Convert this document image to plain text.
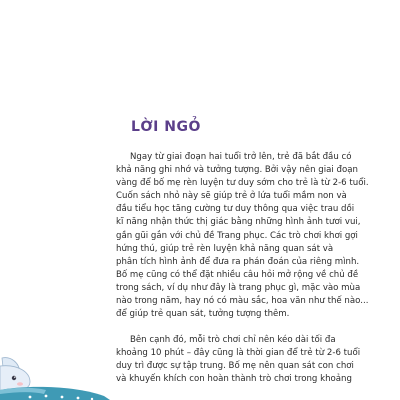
LỜI NGỎ
Ngay từ giai đoạn hai tuổi trở lên, trẻ đã bắt đầu có
khả năng ghi nhớ và tưởng tượng. Bởi vậy nên giai đoạn
vàng để bố mẹ rèn luyện tư duy sớm cho trẻ là từ 2-6 tuổi.
Cuốn sách nhỏ này sẽ giúp trẻ ở lứa tuổi mầm non và
đầu tiểu học tăng cường tư duy thông qua việc trau dồi
kĩ năng nhận thức thị giác bằng những hình ảnh tươi vui,
gần gũi gắn với chủ đề Trang phục. Các trò chơi khơi gợi
hứng thú, giúp trẻ rèn luyện khả năng quan sát và
phân tích hình ảnh để đưa ra phán đoán của riêng mình.
Bố mẹ cũng có thể đặt nhiều câu hỏi mở rộng về chủ đề
trong sách, ví dụ như đây là trang phục gì, mặc vào mùa
nào trong năm, hay nó có màu sắc, hoa văn như thế nào...
để giúp trẻ quan sát, tưởng tượng thêm.
Bên cạnh đó, mỗi trò chơi chỉ nên kéo dài tối đa
khoảng 10 phút – đây cũng là thời gian để trẻ từ 2-6 tuổi
duy trì được sự tập trung. Bố mẹ nên quan sát con chơi
và khuyến khích con hoàn thành trò chơi trong khoảng
